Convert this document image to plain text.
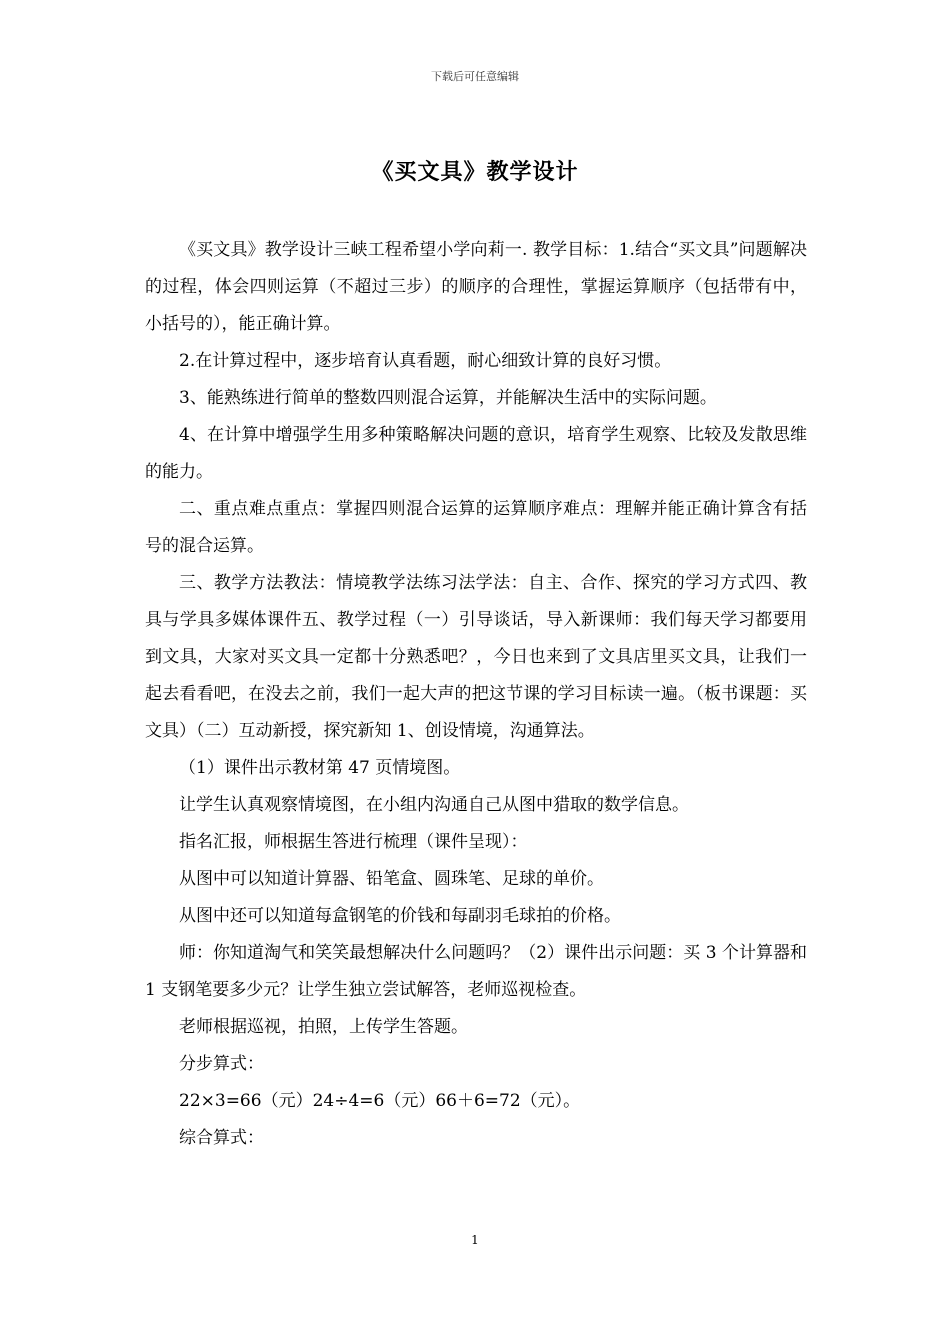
下载后可任意编辑
《买文具》教学设计

《买文具》教学设计三峡工程希望小学向莉一. 教学目标：1.结合“买文具”问题解决的过程，体会四则运算（不超过三步）的顺序的合理性，掌握运算顺序（包括带有中，小括号的），能正确计算。

2.在计算过程中，逐步培育认真看题，耐心细致计算的良好习惯。

3、能熟练进行简单的整数四则混合运算，并能解决生活中的实际问题。

4、在计算中增强学生用多种策略解决问题的意识，培育学生观察、比较及发散思维的能力。

二、重点难点重点：掌握四则混合运算的运算顺序难点：理解并能正确计算含有括号的混合运算。

三、教学方法教法：情境教学法练习法学法：自主、合作、探究的学习方式四、教具与学具多媒体课件五、教学过程（一）引导谈话，导入新课师：我们每天学习都要用到文具，大家对买文具一定都十分熟悉吧？，今日也来到了文具店里买文具，让我们一起去看看吧，在没去之前，我们一起大声的把这节课的学习目标读一遍。（板书课题：买文具）（二）互动新授，探究新知 1、创设情境，沟通算法。

（1）课件出示教材第 47 页情境图。

让学生认真观察情境图，在小组内沟通自己从图中猎取的数学信息。

指名汇报，师根据生答进行梳理（课件呈现）：

从图中可以知道计算器、铅笔盒、圆珠笔、足球的单价。

从图中还可以知道每盒钢笔的价钱和每副羽毛球拍的价格。

师：你知道淘气和笑笑最想解决什么问题吗？（2）课件出示问题：买 3 个计算器和 1 支钢笔要多少元？让学生独立尝试解答，老师巡视检查。

老师根据巡视，拍照，上传学生答题。

分步算式：

22×3=66（元）24÷4=6（元）66＋6=72（元）。

综合算式：

1
